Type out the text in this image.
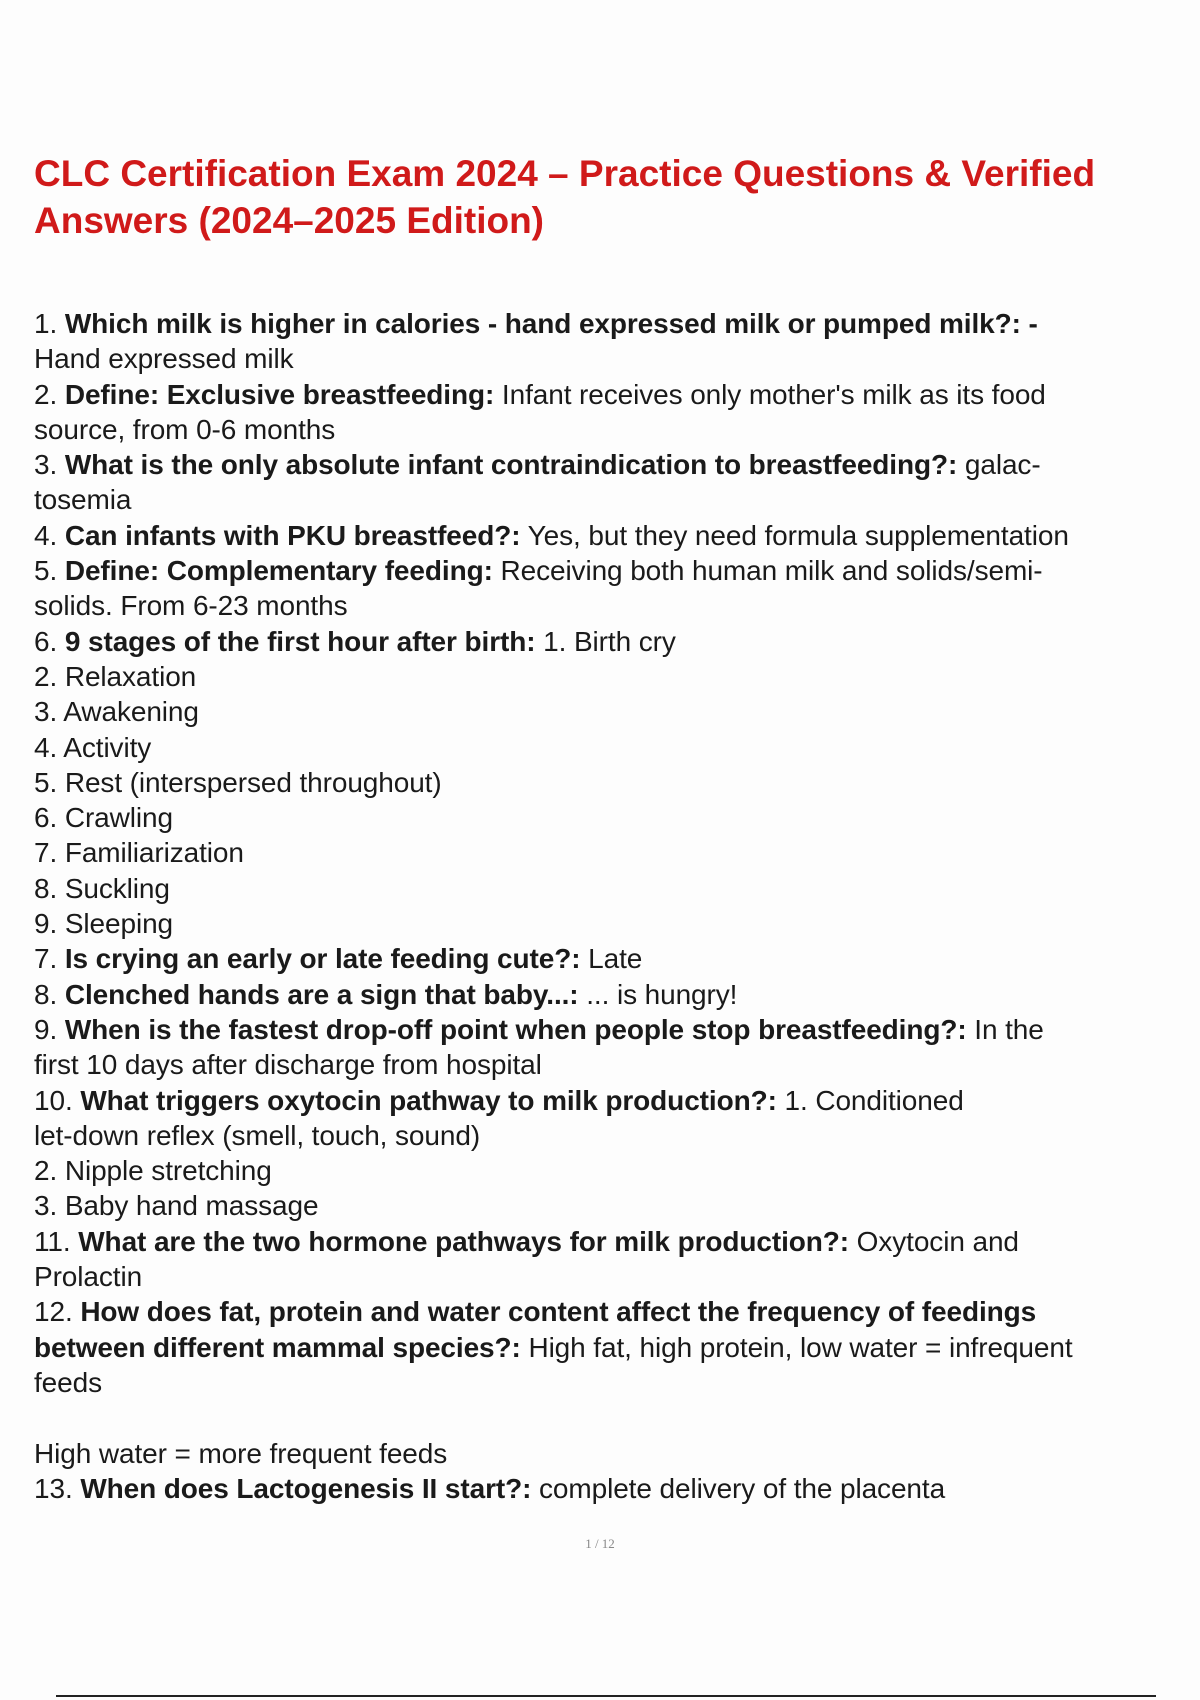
CLC Certification Exam 2024 – Practice Questions & Verified
Answers (2024–2025 Edition)

1. Which milk is higher in calories - hand expressed milk or pumped milk?: -

Hand expressed milk

2. Define: Exclusive breastfeeding: Infant receives only mother's milk as its food

source, from 0-6 months

3. What is the only absolute infant contraindication to breastfeeding?: galac-

tosemia

4. Can infants with PKU breastfeed?: Yes, but they need formula supplementation

5. Define: Complementary feeding: Receiving both human milk and solids/semi-

solids. From 6-23 months

6. 9 stages of the first hour after birth: 1. Birth cry

2. Relaxation

3. Awakening

4. Activity

5. Rest (interspersed throughout)

6. Crawling

7. Familiarization

8. Suckling

9. Sleeping

7. Is crying an early or late feeding cute?: Late

8. Clenched hands are a sign that baby...: ... is hungry!

9. When is the fastest drop-off point when people stop breastfeeding?: In the

first 10 days after discharge from hospital

10. What triggers oxytocin pathway to milk production?: 1. Conditioned

let-down reflex (smell, touch, sound)

2. Nipple stretching

3. Baby hand massage

11. What are the two hormone pathways for milk production?: Oxytocin and

Prolactin

12. How does fat, protein and water content affect the frequency of feedings

between different mammal species?: High fat, high protein, low water = infrequent

feeds

High water = more frequent feeds

13. When does Lactogenesis II start?: complete delivery of the placenta

1 / 12
